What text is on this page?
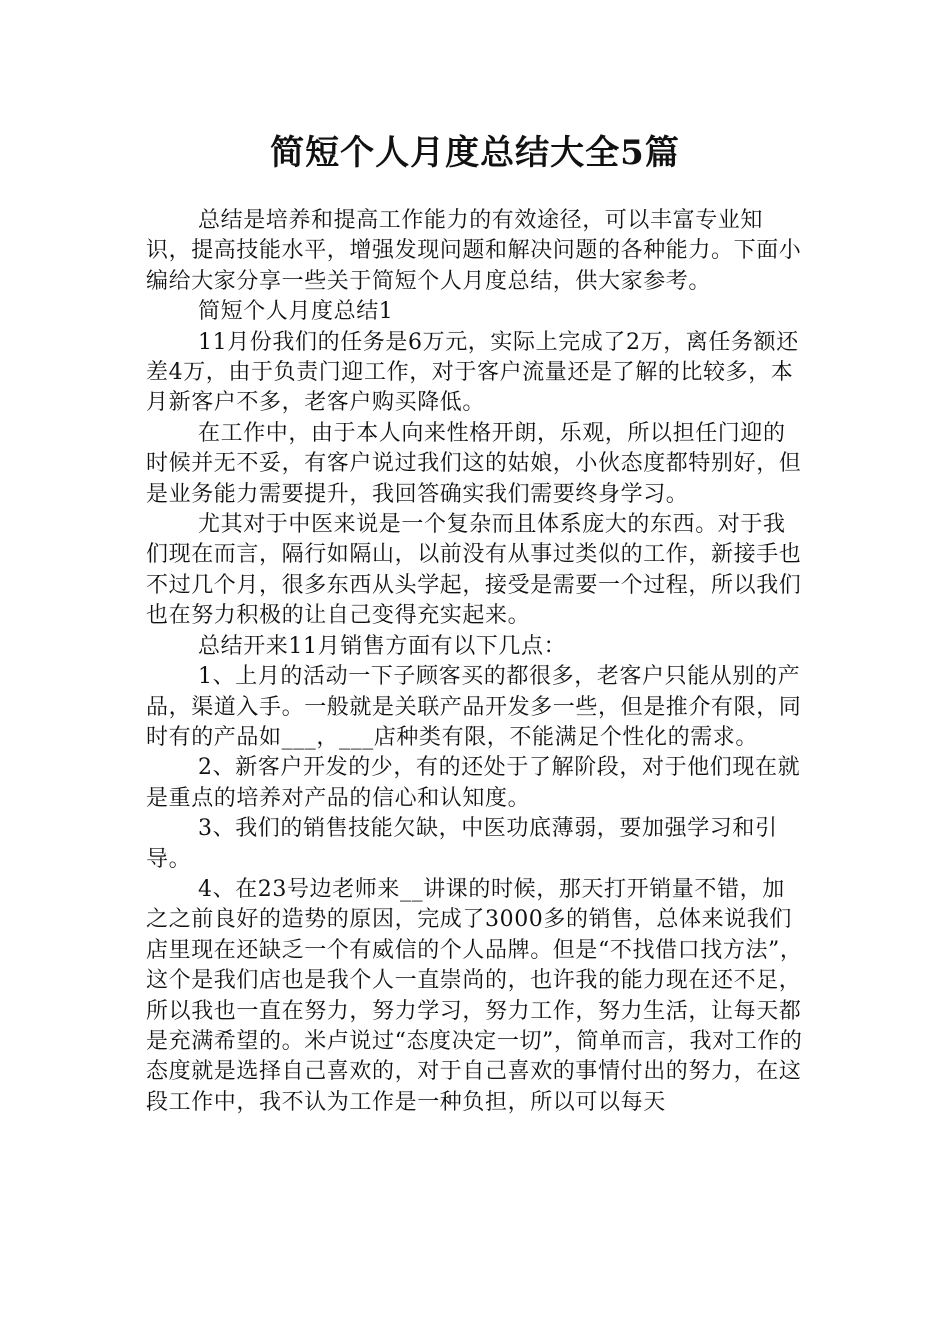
简短个人月度总结大全5篇

总结是培养和提高工作能力的有效途径，可以丰富专业知识，提高技能水平，增强发现问题和解决问题的各种能力。下面小编给大家分享一些关于简短个人月度总结，供大家参考。

简短个人月度总结1

11月份我们的任务是6万元，实际上完成了2万，离任务额还差4万，由于负责门迎工作，对于客户流量还是了解的比较多，本月新客户不多，老客户购买降低。

在工作中，由于本人向来性格开朗，乐观，所以担任门迎的时候并无不妥，有客户说过我们这的姑娘，小伙态度都特别好，但是业务能力需要提升，我回答确实我们需要终身学习。

尤其对于中医来说是一个复杂而且体系庞大的东西。对于我们现在而言，隔行如隔山，以前没有从事过类似的工作，新接手也不过几个月，很多东西从头学起，接受是需要一个过程，所以我们也在努力积极的让自己变得充实起来。

总结开来11月销售方面有以下几点：

1、上月的活动一下子顾客买的都很多，老客户只能从别的产品，渠道入手。一般就是关联产品开发多一些，但是推介有限，同时有的产品如___，___店种类有限，不能满足个性化的需求。

2、新客户开发的少，有的还处于了解阶段，对于他们现在就是重点的培养对产品的信心和认知度。

3、我们的销售技能欠缺，中医功底薄弱，要加强学习和引导。

4、在23号边老师来__讲课的时候，那天打开销量不错，加之之前良好的造势的原因，完成了3000多的销售，总体来说我们店里现在还缺乏一个有威信的个人品牌。但是“不找借口找方法”，这个是我们店也是我个人一直崇尚的，也许我的能力现在还不足，所以我也一直在努力，努力学习，努力工作，努力生活，让每天都是充满希望的。米卢说过“态度决定一切”，简单而言，我对工作的态度就是选择自己喜欢的，对于自己喜欢的事情付出的努力，在这段工作中，我不认为工作是一种负担，所以可以每天
